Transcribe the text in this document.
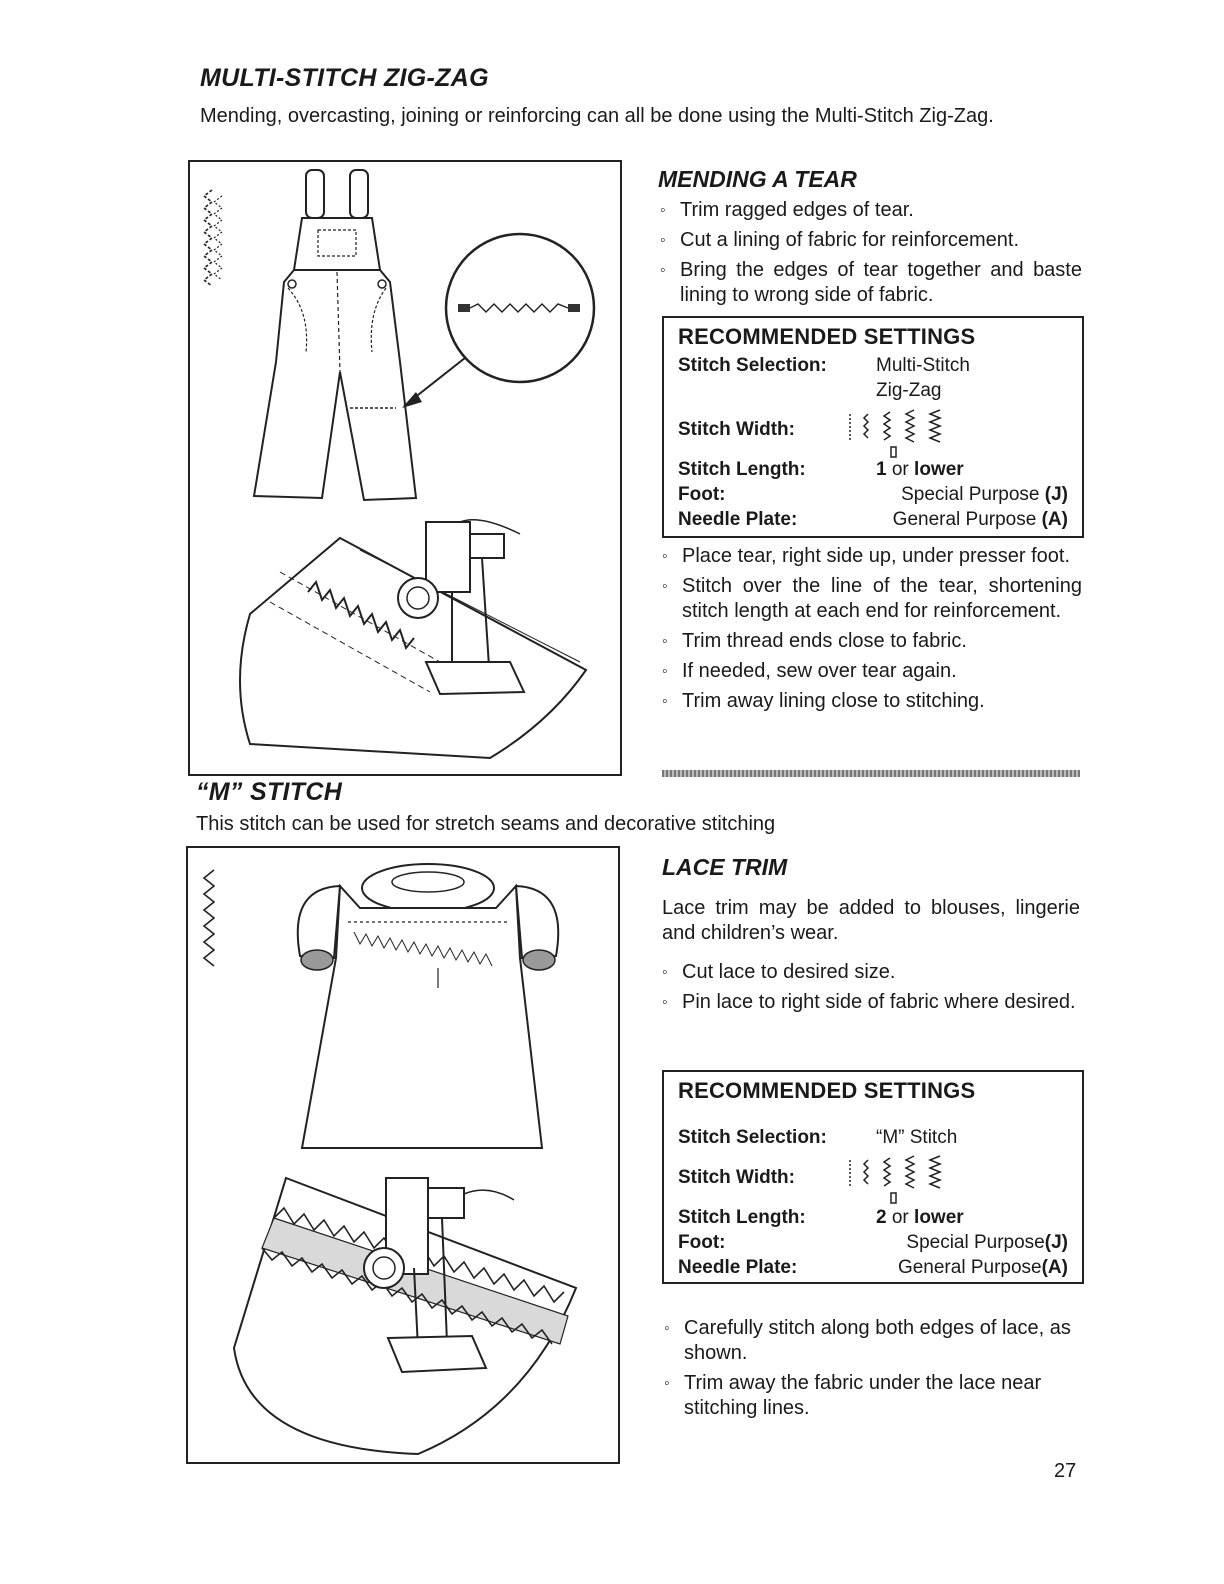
MULTI-STITCH ZIG-ZAG
Mending, overcasting, joining or reinforcing can all be done using the Multi-Stitch Zig-Zag.
MENDING A TEAR
◦ Trim ragged edges of tear.
◦ Cut a lining of fabric for reinforcement.
◦ Bring the edges of tear together and baste lining to wrong side of fabric.
RECOMMENDED SETTINGS
Stitch Selection:	Multi-Stitch
Zig-Zag
Stitch Width:
Stitch Length:	1 or lower
Foot:	Special Purpose (J)
Needle Plate:	General Purpose (A)
◦ Place tear, right side up, under presser foot.
◦ Stitch over the line of the tear, shortening stitch length at each end for reinforcement.
◦ Trim thread ends close to fabric.
◦ If needed, sew over tear again.
◦ Trim away lining close to stitching.
“M” STITCH
This stitch can be used for stretch seams and decorative stitching
LACE TRIM
Lace trim may be added to blouses, lingerie and children’s wear.
◦ Cut lace to desired size.
◦ Pin lace to right side of fabric where desired.
RECOMMENDED SETTINGS
Stitch Selection:	“M” Stitch
Stitch Width:
Stitch Length:	2 or lower
Foot:	Special Purpose(J)
Needle Plate:	General Purpose(A)
◦ Carefully stitch along both edges of lace, as shown.
◦ Trim away the fabric under the lace near stitching lines.
27
